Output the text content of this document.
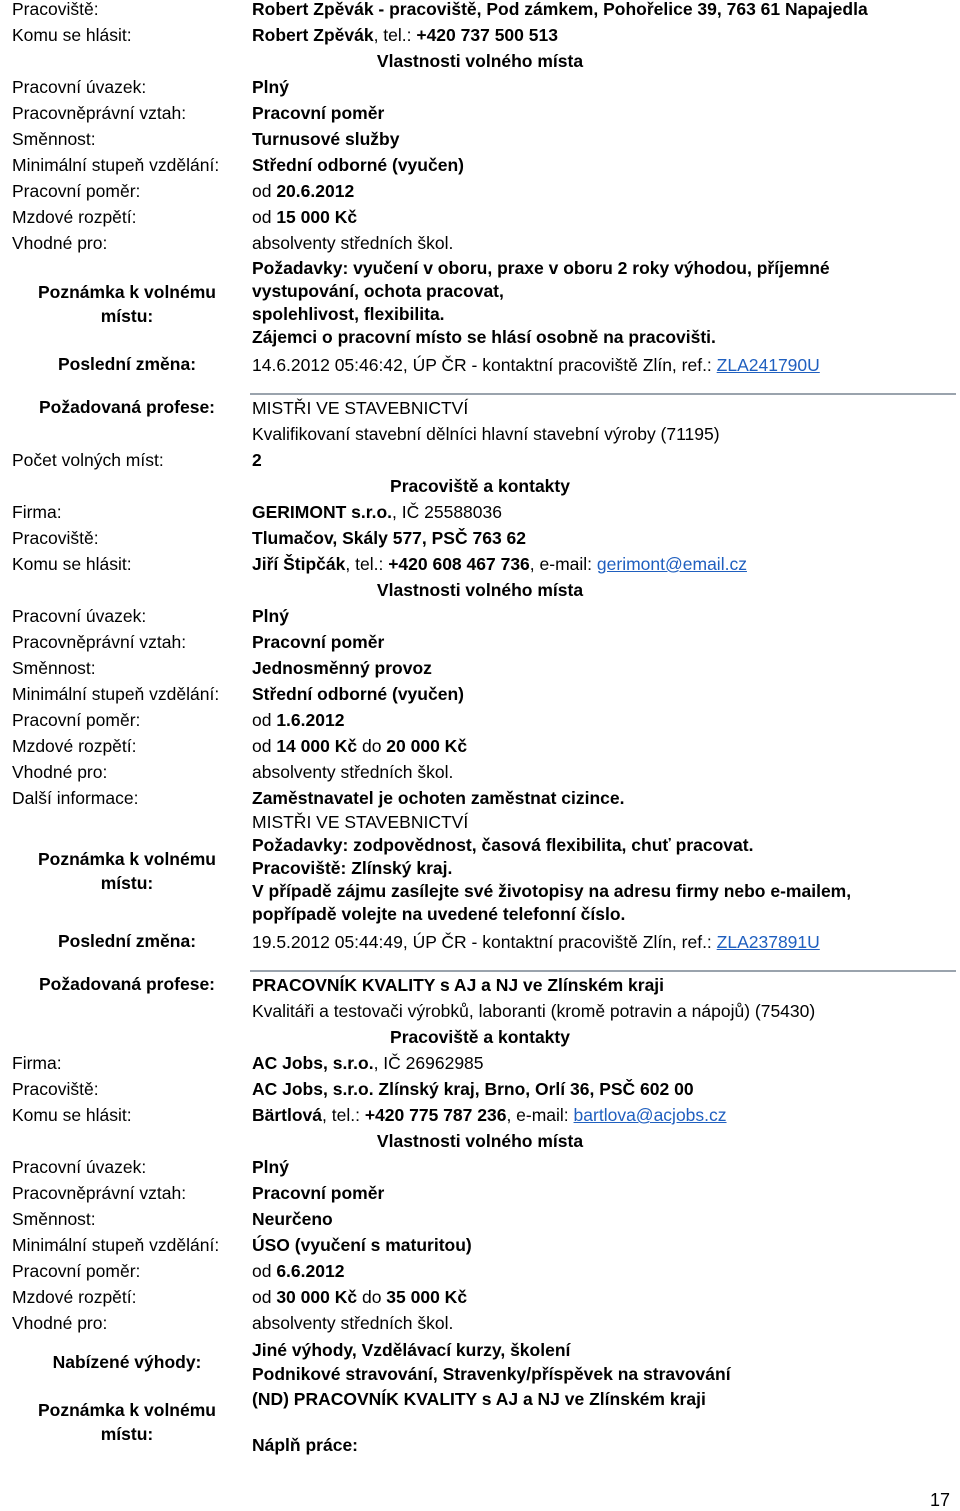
Pracoviště:	Robert Zpěvák - pracoviště, Pod zámkem, Pohořelice 39, 763 61 Napajedla
Komu se hlásit:	Robert Zpěvák, tel.: +420 737 500 513
Vlastnosti volného místa
Pracovní úvazek:	Plný
Pracovněprávní vztah:	Pracovní poměr
Směnnost:	Turnusové služby
Minimální stupeň vzdělání: Střední odborné (vyučen)
Pracovní poměr:	od 20.6.2012
Mzdové rozpětí:	od 15 000 Kč
Vhodné pro:	absolventy středních škol.
Poznámka k volnému
místu:
Požadavky: vyučení v oboru, praxe v oboru 2 roky výhodou, příjemné
vystupování, ochota pracovat,
spolehlivost, flexibilita.
Zájemci o pracovní místo se hlásí osobně na pracovišti.
Poslední změna:	14.6.2012 05:46:42, ÚP ČR - kontaktní pracoviště Zlín, ref.: ZLA241790U
Požadovaná profese:	MISTŘI VE STAVEBNICTVÍ
Kvalifikovaní stavební dělníci hlavní stavební výroby (71195)
Počet volných míst:	2
Pracoviště a kontakty
Firma:	GERIMONT s.r.o., IČ 25588036
Pracoviště:	Tlumačov, Skály 577, PSČ 763 62
Komu se hlásit:	Jiří Štipčák, tel.: +420 608 467 736, e-mail: gerimont@email.cz
Vlastnosti volného místa
Pracovní úvazek:	Plný
Pracovněprávní vztah:	Pracovní poměr
Směnnost:	Jednosměnný provoz
Minimální stupeň vzdělání: Střední odborné (vyučen)
Pracovní poměr:	od 1.6.2012
Mzdové rozpětí:	od 14 000 Kč do 20 000 Kč
Vhodné pro:	absolventy středních škol.
Další informace:	Zaměstnavatel je ochoten zaměstnat cizince.
Poznámka k volnému
místu:
MISTŘI VE STAVEBNICTVÍ
Požadavky: zodpovědnost, časová flexibilita, chuť pracovat.
Pracoviště: Zlínský kraj.
V případě zájmu zasílejte své životopisy na adresu firmy nebo e-mailem,
popřípadě volejte na uvedené telefonní číslo.
Poslední změna:	19.5.2012 05:44:49, ÚP ČR - kontaktní pracoviště Zlín, ref.: ZLA237891U
Požadovaná profese:	PRACOVNÍK KVALITY s AJ a NJ ve Zlínském kraji
Kvalitáři a testovači výrobků, laboranti (kromě potravin a nápojů) (75430)
Pracoviště a kontakty
Firma:	AC Jobs, s.r.o., IČ 26962985
Pracoviště:	AC Jobs, s.r.o. Zlínský kraj, Brno, Orlí 36, PSČ 602 00
Komu se hlásit:	Bärtlová, tel.: +420 775 787 236, e-mail: bartlova@acjobs.cz
Vlastnosti volného místa
Pracovní úvazek:	Plný
Pracovněprávní vztah:	Pracovní poměr
Směnnost:	Neurčeno
Minimální stupeň vzdělání: ÚSO (vyučení s maturitou)
Pracovní poměr:	od 6.6.2012
Mzdové rozpětí:	od 30 000 Kč do 35 000 Kč
Vhodné pro:	absolventy středních škol.
Nabízené výhody:
Jiné výhody, Vzdělávací kurzy, školení
Podnikové stravování, Stravenky/příspěvek na stravování
Poznámka k volnému
místu:
(ND) PRACOVNÍK KVALITY s AJ a NJ ve Zlínském kraji
Náplň práce:
17
